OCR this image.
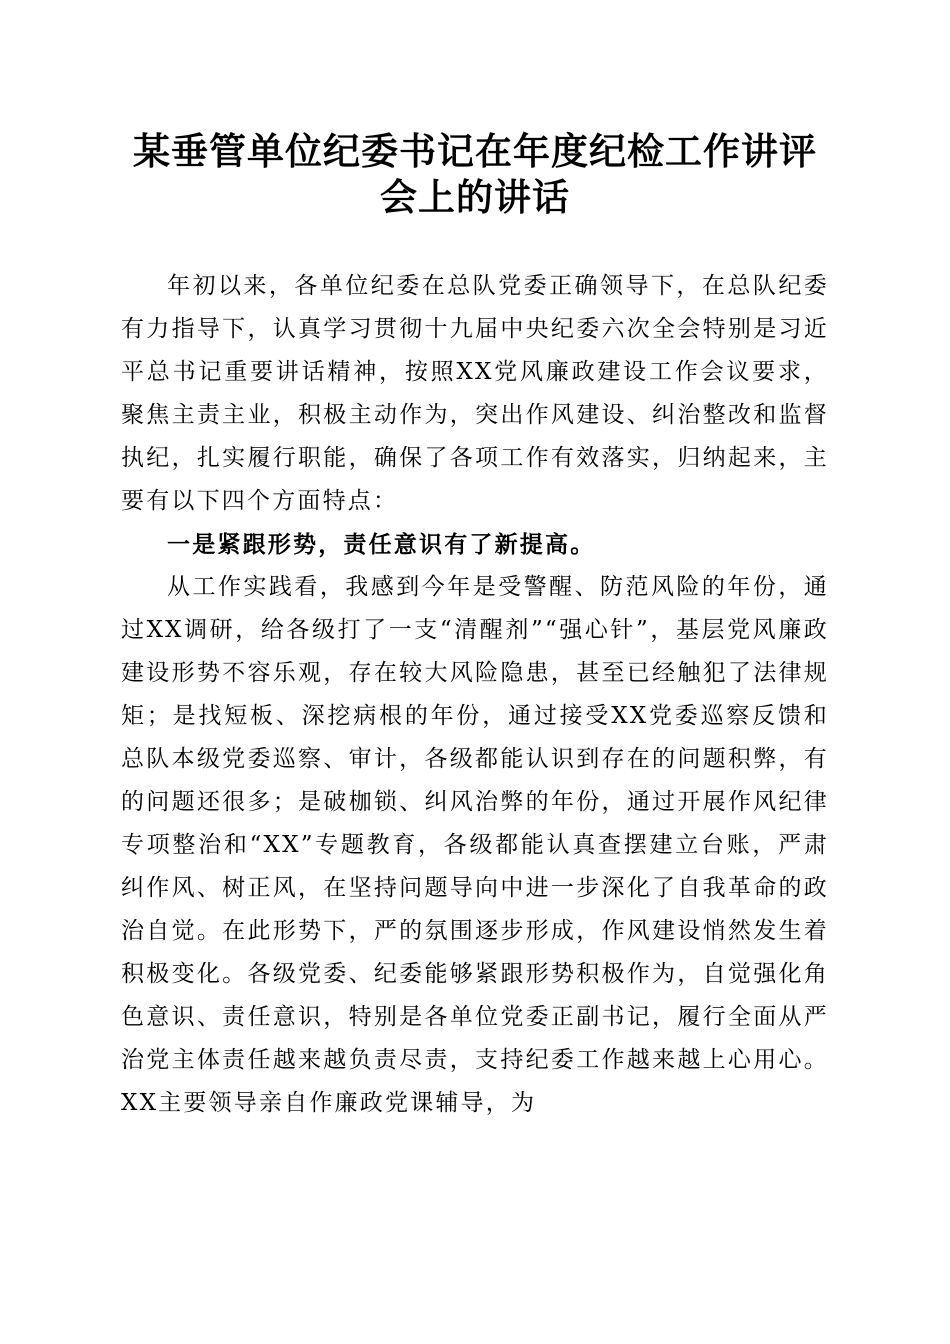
某垂管单位纪委书记在年度纪检工作讲评会上的讲话

年初以来，各单位纪委在总队党委正确领导下，在总队纪委有力指导下，认真学习贯彻十九届中央纪委六次全会特别是习近平总书记重要讲话精神，按照XX党风廉政建设工作会议要求，聚焦主责主业，积极主动作为，突出作风建设、纠治整改和监督执纪，扎实履行职能，确保了各项工作有效落实，归纳起来，主要有以下四个方面特点：

一是紧跟形势，责任意识有了新提高。

从工作实践看，我感到今年是受警醒、防范风险的年份，通过XX调研，给各级打了一支“清醒剂”“强心针”，基层党风廉政建设形势不容乐观，存在较大风险隐患，甚至已经触犯了法律规矩；是找短板、深挖病根的年份，通过接受XX党委巡察反馈和总队本级党委巡察、审计，各级都能认识到存在的问题积弊，有的问题还很多；是破枷锁、纠风治弊的年份，通过开展作风纪律专项整治和“XX”专题教育，各级都能认真查摆建立台账，严肃纠作风、树正风，在坚持问题导向中进一步深化了自我革命的政治自觉。在此形势下，严的氛围逐步形成，作风建设悄然发生着积极变化。各级党委、纪委能够紧跟形势积极作为，自觉强化角色意识、责任意识，特别是各单位党委正副书记，履行全面从严治党主体责任越来越负责尽责，支持纪委工作越来越上心用心。XX主要领导亲自作廉政党课辅导，为
